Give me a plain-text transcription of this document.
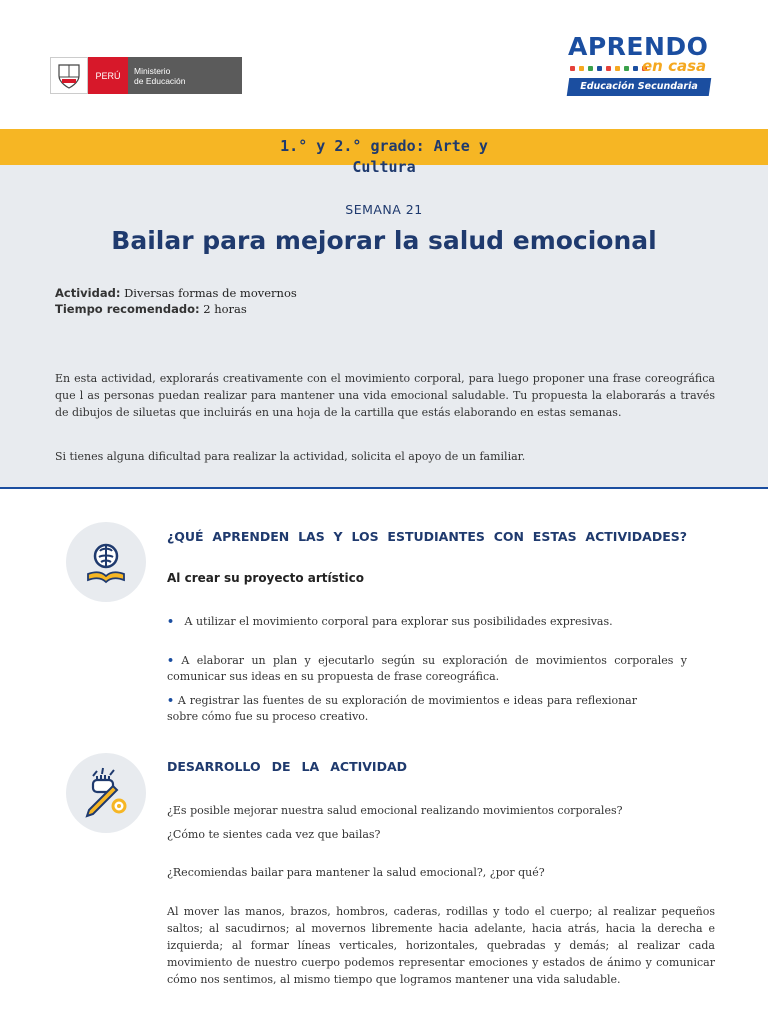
PERÚ	Ministerio
de Educación
APRENDO
en casa
Educación Secundaria
1.° y 2.° grado: Arte y
Cultura
SEMANA 21
Bailar para mejorar la salud emocional
Actividad: Diversas formas de movernos
Tiempo recomendado: 2 horas
En esta actividad, explorarás creativamente con el movimiento corporal, para luego proponer una frase coreográfica que l as personas puedan realizar para mantener una vida emocional saludable. Tu propuesta la elaborarás a través de dibujos de siluetas que incluirás en una hoja de la cartilla que estás elaborando en estas semanas.
Si tienes alguna dificultad para realizar la actividad, solicita el apoyo de un familiar.
¿QUÉ APRENDEN LAS Y LOS ESTUDIANTES CON ESTAS ACTIVIDADES?
Al crear su proyecto artístico
• A utilizar el movimiento corporal para explorar sus posibilidades expresivas.
• A elaborar un plan y ejecutarlo según su exploración de movimientos corporales y comunicar sus ideas en su propuesta de frase coreográfica.
• A registrar las fuentes de su exploración de movimientos e ideas para reflexionar sobre cómo fue su proceso creativo.
DESARROLLO DE LA ACTIVIDAD
¿Es posible mejorar nuestra salud emocional realizando movimientos corporales?
¿Cómo te sientes cada vez que bailas?
¿Recomiendas bailar para mantener la salud emocional?, ¿por qué?
Al mover las manos, brazos, hombros, caderas, rodillas y todo el cuerpo; al realizar pequeños saltos; al sacudirnos; al movernos libremente hacia adelante, hacia atrás, hacia la derecha e izquierda; al formar líneas verticales, horizontales, quebradas y demás; al realizar cada movimiento de nuestro cuerpo podemos representar emociones y estados de ánimo y comunicar cómo nos sentimos, al mismo tiempo que logramos mantener una vida saludable.
